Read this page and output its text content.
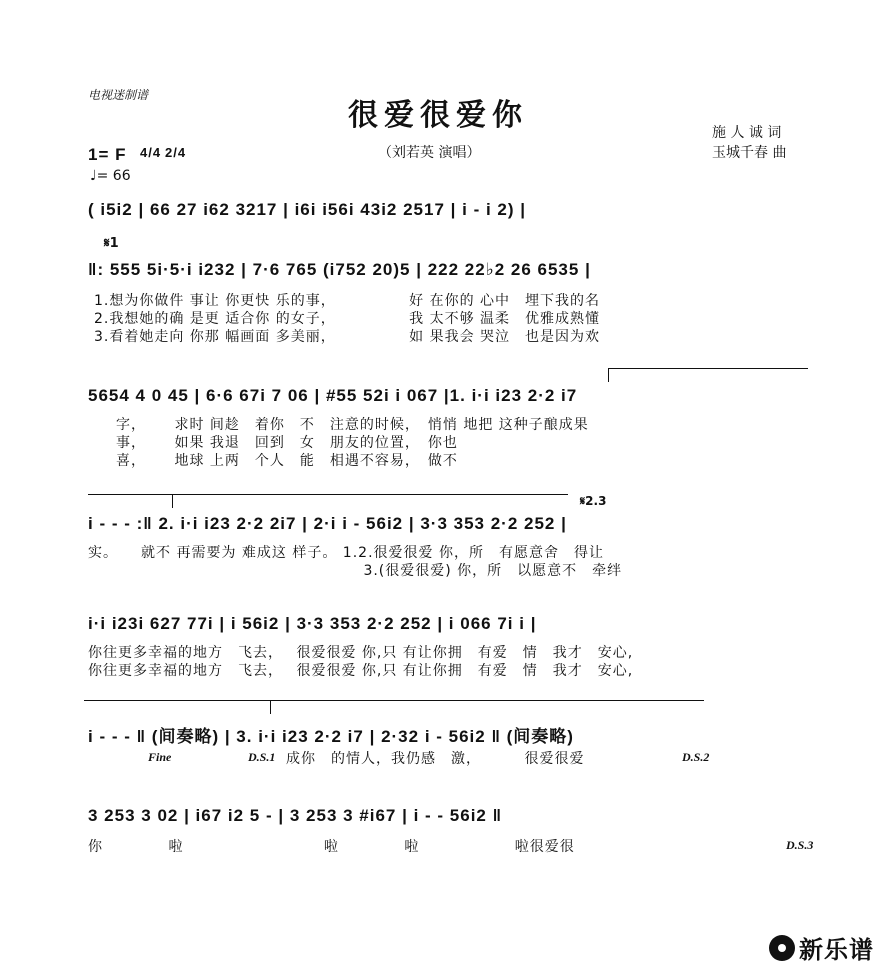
电视迷制谱
很爱很爱你
（刘若英 演唱）
施 人 诚 词
玉城千春 曲
1= F 4/4 2/4
♩= 66
( i5i2 | 66 27 i62 3217 | i6i i56i 43i2 2517 | i - i 2) |
𝄋1
‖: 555 5i·5·i i232 | 7·6 765 (i752 20)5 | 222 22♭2 26 6535 |
1.想为你做件 事让 你更快 乐的事，　　　　　 好 在你的 心中　埋下我的名
2.我想她的确 是更 适合你 的女子，　　　　　 我 太不够 温柔　优雅成熟懂
3.看着她走向 你那 幅画面 多美丽，　　　　　 如 果我会 哭泣　也是因为欢
5654 4 0 45 | 6·6 67i 7 06 | #55 52i i 067 |1. i·i i23 2·2 i7
字，　　 求时 间趁　着你　不　注意的时候，　悄悄 地把 这种子酿成果
事，　　 如果 我退　回到　女　朋友的位置，　你也
喜，　　 地球 上两　个人　能　相遇不容易，　做不
𝄋2.3
i - - - :‖ 2. i·i i23 2·2 2i7 | 2·i i - 56i2 | 3·3 353 2·2 252 |
实。　　就不 再需要为 难成这 样子。 1.2.很爱很爱 你，所　有愿意舍　得让
　　　　　　　　　　　　　　　　　　 3.(很爱很爱) 你，所　以愿意不　牵绊
i·i i23i 627 77i | i 56i2 | 3·3 353 2·2 252 | i 066 7i i |
你往更多幸福的地方　飞去，　 很爱很爱 你,只 有让你拥　有爱　情　我才　安心,
你往更多幸福的地方　飞去，　 很爱很爱 你,只 有让你拥　有爱　情　我才　安心,
i - - - ‖ (间奏略) | 3. i·i i23 2·2 i7 | 2·32 i - 56i2 ‖ (间奏略)
Fine	D.S.1 成你　的情人，我仍感　激，　　　 很爱很爱	D.S.2
3 253 3 02 | i67 i2 5 - | 3 253 3 #i67 | i - - 56i2 ‖
你　　　　 啦　　　　　　　　　 啦　　　　 啦　　　　　　 啦很爱很	D.S.3
新乐谱
